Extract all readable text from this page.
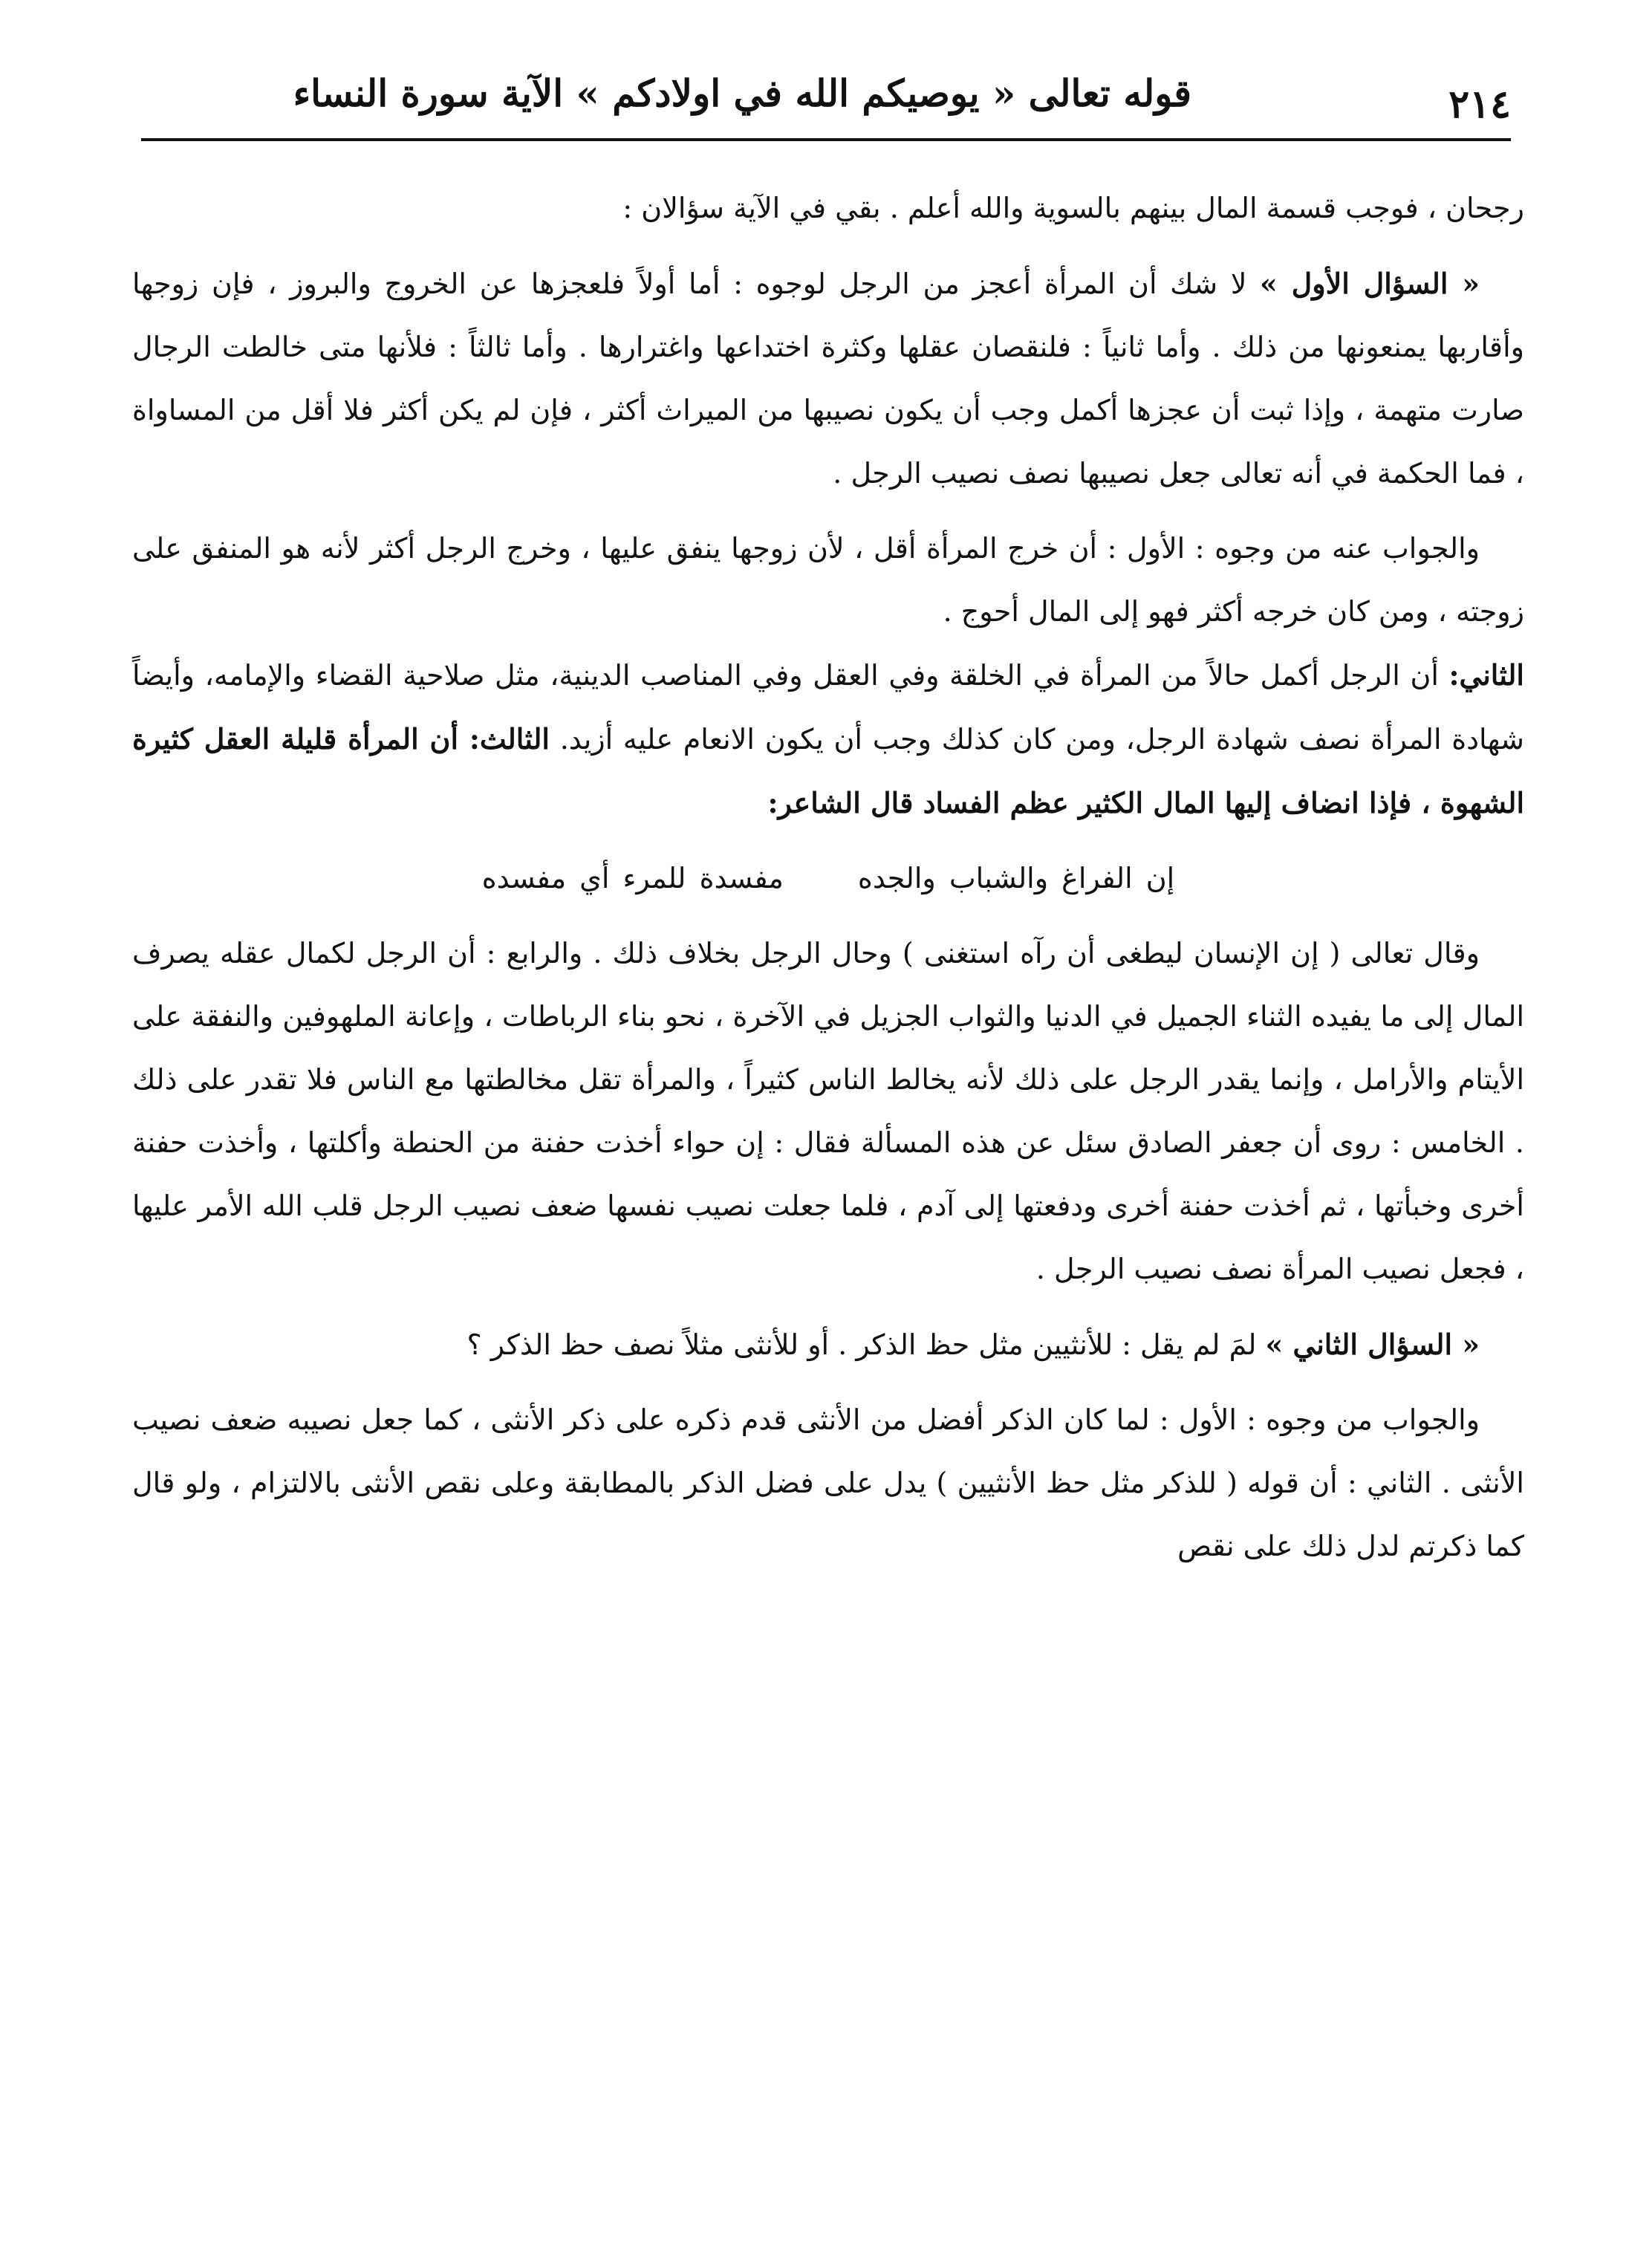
٢١٤
قوله تعالى « يوصيكم الله في اولادكم » الآية سورة النساء

رجحان ، فوجب قسمة المال بينهم بالسوية والله أعلم . بقي في الآية سؤالان :

« السؤال الأول » لا شك أن المرأة أعجز من الرجل لوجوه : أما أولاً فلعجزها عن الخروج والبروز ، فإن زوجها وأقاربها يمنعونها من ذلك . وأما ثانياً : فلنقصان عقلها وكثرة اختداعها واغترارها . وأما ثالثاً : فلأنها متى خالطت الرجال صارت متهمة ، وإذا ثبت أن عجزها أكمل وجب أن يكون نصيبها من الميراث أكثر ، فإن لم يكن أكثر فلا أقل من المساواة ، فما الحكمة في أنه تعالى جعل نصيبها نصف نصيب الرجل .

والجواب عنه من وجوه : الأول : أن خرج المرأة أقل ، لأن زوجها ينفق عليها ، وخرج الرجل أكثر لأنه هو المنفق على زوجته ، ومن كان خرجه أكثر فهو إلى المال أحوج .
الثاني: أن الرجل أكمل حالاً من المرأة في الخلقة وفي العقل وفي المناصب الدينية، مثل صلاحية القضاء والإمامه، وأيضاً شهادة المرأة نصف شهادة الرجل، ومن كان كذلك وجب أن يكون الانعام عليه أزيد. الثالث: أن المرأة قليلة العقل كثيرة الشهوة ، فإذا انضاف إليها المال الكثير عظم الفساد قال الشاعر:

إن الفراغ والشباب والجدهمفسدة للمرء أي مفسده

وقال تعالى ( إن الإنسان ليطغى أن رآه استغنى ) وحال الرجل بخلاف ذلك . والرابع : أن الرجل لكمال عقله يصرف المال إلى ما يفيده الثناء الجميل في الدنيا والثواب الجزيل في الآخرة ، نحو بناء الرباطات ، وإعانة الملهوفين والنفقة على الأيتام والأرامل ، وإنما يقدر الرجل على ذلك لأنه يخالط الناس كثيراً ، والمرأة تقل مخالطتها مع الناس فلا تقدر على ذلك . الخامس : روى أن جعفر الصادق سئل عن هذه المسألة فقال : إن حواء أخذت حفنة من الحنطة وأكلتها ، وأخذت حفنة أخرى وخبأتها ، ثم أخذت حفنة أخرى ودفعتها إلى آدم ، فلما جعلت نصيب نفسها ضعف نصيب الرجل قلب الله الأمر عليها ، فجعل نصيب المرأة نصف نصيب الرجل .

« السؤال الثاني » لمَ لم يقل : للأنثيين مثل حظ الذكر . أو للأنثى مثلاً نصف حظ الذكر ؟

والجواب من وجوه : الأول : لما كان الذكر أفضل من الأنثى قدم ذكره على ذكر الأنثى ، كما جعل نصيبه ضعف نصيب الأنثى . الثاني : أن قوله ( للذكر مثل حظ الأنثيين ) يدل على فضل الذكر بالمطابقة وعلى نقص الأنثى بالالتزام ، ولو قال كما ذكرتم لدل ذلك على نقص
